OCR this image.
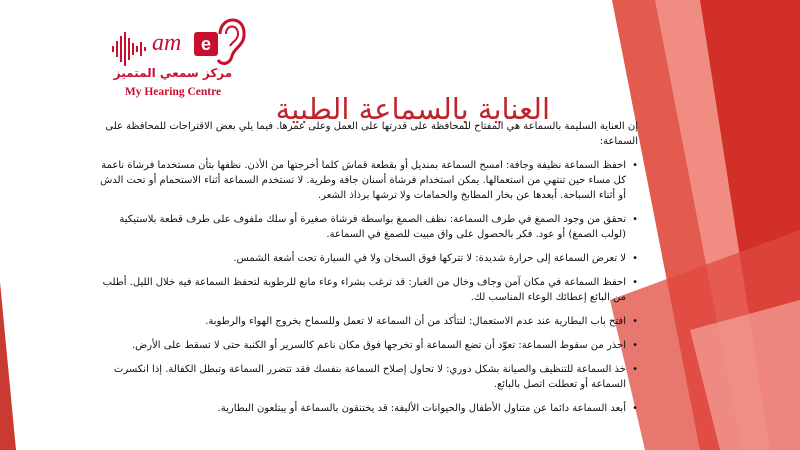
am e
مركز سمعي المتميز
My Hearing Centre
العناية بالسماعة الطبية

إن العناية السليمة بالسماعة هي المفتاح للمحافظة على قدرتها على العمل وعلى عمرها. فيما يلي بعض الاقتراحات للمحافظة على السماعة:

• احفظ السماعة نظيفة وجافة: امسح السماعة بمنديل أو بقطعة قماش كلما أخرجتها من الأذن. نظفها بتأن مستخدما فرشاة ناعمة كل مساء حين تنتهي من استعمالها. يمكن استخدام فرشاة أسنان جافة وطرية. لا تستخدم السماعة أثناء الاستحمام أو تحت الدش أو أثناء السباحة. أبعدها عن بخار المطابخ والحمامات ولا ترشها برذاذ الشعر.
• تحقق من وجود الصمغ في طرف السماعة: نظف الصمغ بواسطة فرشاة صغيرة أو سلك ملفوف على طرف قطعة بلاستيكية (لولب الصمغ) أو عود. فكر بالحصول على واق مبيت للصمغ في السماعة.
• لا تعرض السماعة إلى حرارة شديدة: لا تتركها فوق السخان ولا في السيارة تحت أشعة الشمس.
• احفظ السماعة في مكان آمن وجاف وخال من الغبار: قد ترغب بشراء وعاء مانع للرطوبة لتحفظ السماعة فيه خلال الليل. أطلب من البائع إعطائك الوعاء المناسب لك.
• افتح باب البطارية عند عدم الاستعمال: لتتأكد من أن السماعة لا تعمل وللسماح بخروج الهواء والرطوبة.
• احذر من سقوط السماعة: تعوّد أن تضع السماعة أو تخرجها فوق مكان ناعم كالسرير أو الكنبة حتى لا تسقط على الأرض.
• خذ السماعة للتنظيف والصيانة بشكل دوري: لا تحاول إصلاح السماعة بنفسك فقد تتضرر السماعة وتبطل الكفالة. إذا انكسرت السماعة أو تعطلت اتصل بالبائع.
• أبعد السماعة دائما عن متناول الأطفال والحيوانات الأليفة: قد يختنقون بالسماعة أو يبتلعون البطارية.
